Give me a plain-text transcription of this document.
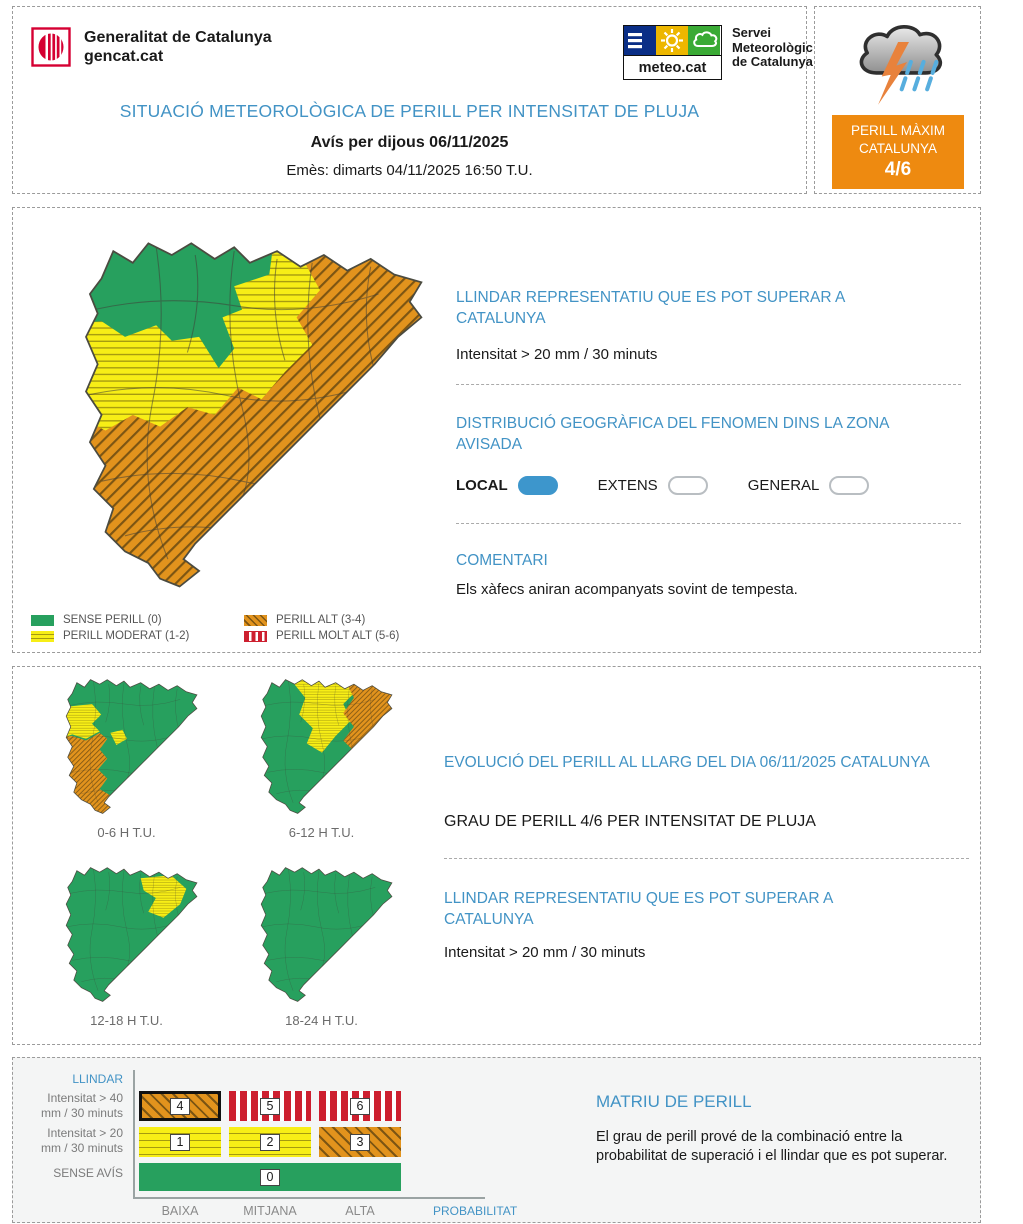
Generalitat de Catalunya
gencat.cat
meteo.cat
Servei
Meteorològic
de Catalunya
SITUACIÓ METEOROLÒGICA DE PERILL PER INTENSITAT DE PLUJA
Avís per dijous 06/11/2025
Emès: dimarts 04/11/2025 16:50 T.U.
PERILL MÀXIM
CATALUNYA
4/6
SENSE PERILL (0)	PERILL ALT (3-4)
PERILL MODERAT (1-2)	PERILL MOLT ALT (5-6)
LLINDAR REPRESENTATIU QUE ES POT SUPERAR A CATALUNYA
Intensitat > 20 mm / 30 minuts
DISTRIBUCIÓ GEOGRÀFICA DEL FENOMEN DINS LA ZONA AVISADA
LOCAL	EXTENS	GENERAL
COMENTARI
Els xàfecs aniran acompanyats sovint de tempesta.
0-6 H T.U.	6-12 H T.U.
12-18 H T.U.	18-24 H T.U.
EVOLUCIÓ DEL PERILL AL LLARG DEL DIA 06/11/2025 CATALUNYA
GRAU DE PERILL 4/6 PER INTENSITAT DE PLUJA
LLINDAR REPRESENTATIU QUE ES POT SUPERAR A CATALUNYA
Intensitat > 20 mm / 30 minuts
LLINDAR
Intensitat > 40
mm / 30 minuts
Intensitat > 20
mm / 30 minuts
SENSE AVÍS
4	5	6
1	2	3
0
BAIXA	MITJANA	ALTA	PROBABILITAT
MATRIU DE PERILL
El grau de perill prové de la combinació entre la probabilitat de superació i el llindar que es pot superar.
